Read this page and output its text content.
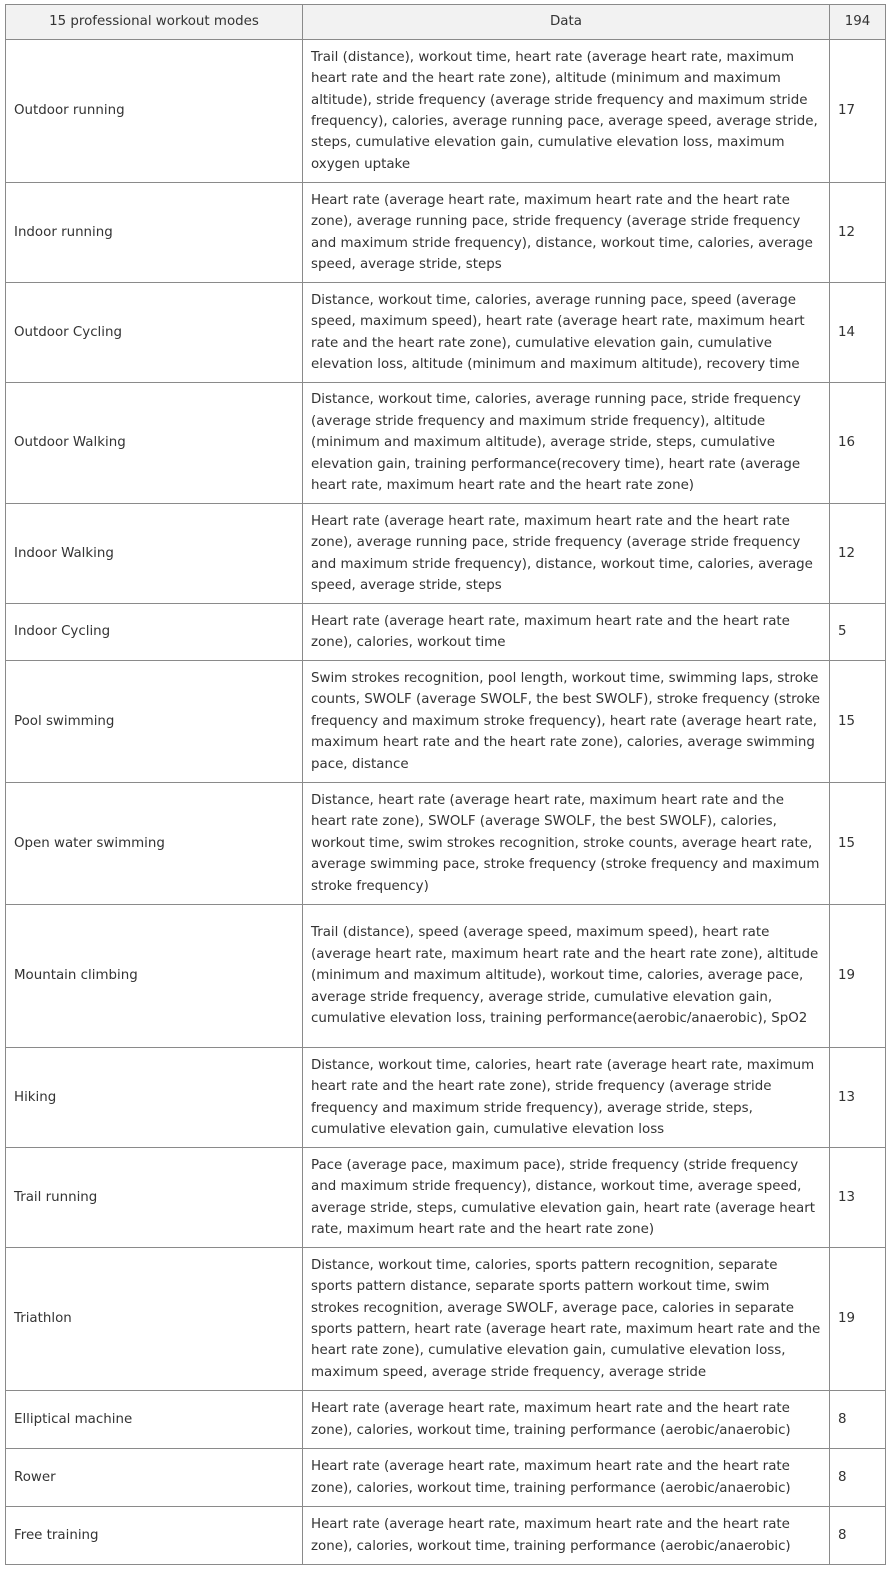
15 professional workout modes	Data	194
Outdoor running	Trail (distance), workout time, heart rate (average heart rate, maximum heart rate and the heart rate zone), altitude (minimum and maximum altitude), stride frequency (average stride frequency and maximum stride frequency), calories, average running pace, average speed, average stride, steps, cumulative elevation gain, cumulative elevation loss, maximum oxygen uptake	17
Indoor running	Heart rate (average heart rate, maximum heart rate and the heart rate zone), average running pace, stride frequency (average stride frequency and maximum stride frequency), distance, workout time, calories, average speed, average stride, steps	12
Outdoor Cycling	Distance, workout time, calories, average running pace, speed (average speed, maximum speed), heart rate (average heart rate, maximum heart rate and the heart rate zone), cumulative elevation gain, cumulative elevation loss, altitude (minimum and maximum altitude), recovery time	14
Outdoor Walking	Distance, workout time, calories, average running pace, stride frequency (average stride frequency and maximum stride frequency), altitude (minimum and maximum altitude), average stride, steps, cumulative elevation gain, training performance(recovery time), heart rate (average heart rate, maximum heart rate and the heart rate zone)	16
Indoor Walking	Heart rate (average heart rate, maximum heart rate and the heart rate zone), average running pace, stride frequency (average stride frequency and maximum stride frequency), distance, workout time, calories, average speed, average stride, steps	12
Indoor Cycling	Heart rate (average heart rate, maximum heart rate and the heart rate zone), calories, workout time	5
Pool swimming	Swim strokes recognition, pool length, workout time, swimming laps, stroke counts, SWOLF (average SWOLF, the best SWOLF), stroke frequency (stroke frequency and maximum stroke frequency), heart rate (average heart rate, maximum heart rate and the heart rate zone), calories, average swimming pace, distance	15
Open water swimming	Distance, heart rate (average heart rate, maximum heart rate and the heart rate zone), SWOLF (average SWOLF, the best SWOLF), calories, workout time, swim strokes recognition, stroke counts, average heart rate, average swimming pace, stroke frequency (stroke frequency and maximum stroke frequency)	15
Mountain climbing	Trail (distance), speed (average speed, maximum speed), heart rate (average heart rate, maximum heart rate and the heart rate zone), altitude (minimum and maximum altitude), workout time, calories, average pace, average stride frequency, average stride, cumulative elevation gain, cumulative elevation loss, training performance(aerobic/anaerobic), SpO2	19
Hiking	Distance, workout time, calories, heart rate (average heart rate, maximum heart rate and the heart rate zone), stride frequency (average stride frequency and maximum stride frequency), average stride, steps, cumulative elevation gain, cumulative elevation loss	13
Trail running	Pace (average pace, maximum pace), stride frequency (stride frequency and maximum stride frequency), distance, workout time, average speed, average stride, steps, cumulative elevation gain, heart rate (average heart rate, maximum heart rate and the heart rate zone)	13
Triathlon	Distance, workout time, calories, sports pattern recognition, separate sports pattern distance, separate sports pattern workout time, swim strokes recognition, average SWOLF, average pace, calories in separate sports pattern, heart rate (average heart rate, maximum heart rate and the heart rate zone), cumulative elevation gain, cumulative elevation loss, maximum speed, average stride frequency, average stride	19
Elliptical machine	Heart rate (average heart rate, maximum heart rate and the heart rate zone), calories, workout time, training performance (aerobic/anaerobic)	8
Rower	Heart rate (average heart rate, maximum heart rate and the heart rate zone), calories, workout time, training performance (aerobic/anaerobic)	8
Free training	Heart rate (average heart rate, maximum heart rate and the heart rate zone), calories, workout time, training performance (aerobic/anaerobic)	8
